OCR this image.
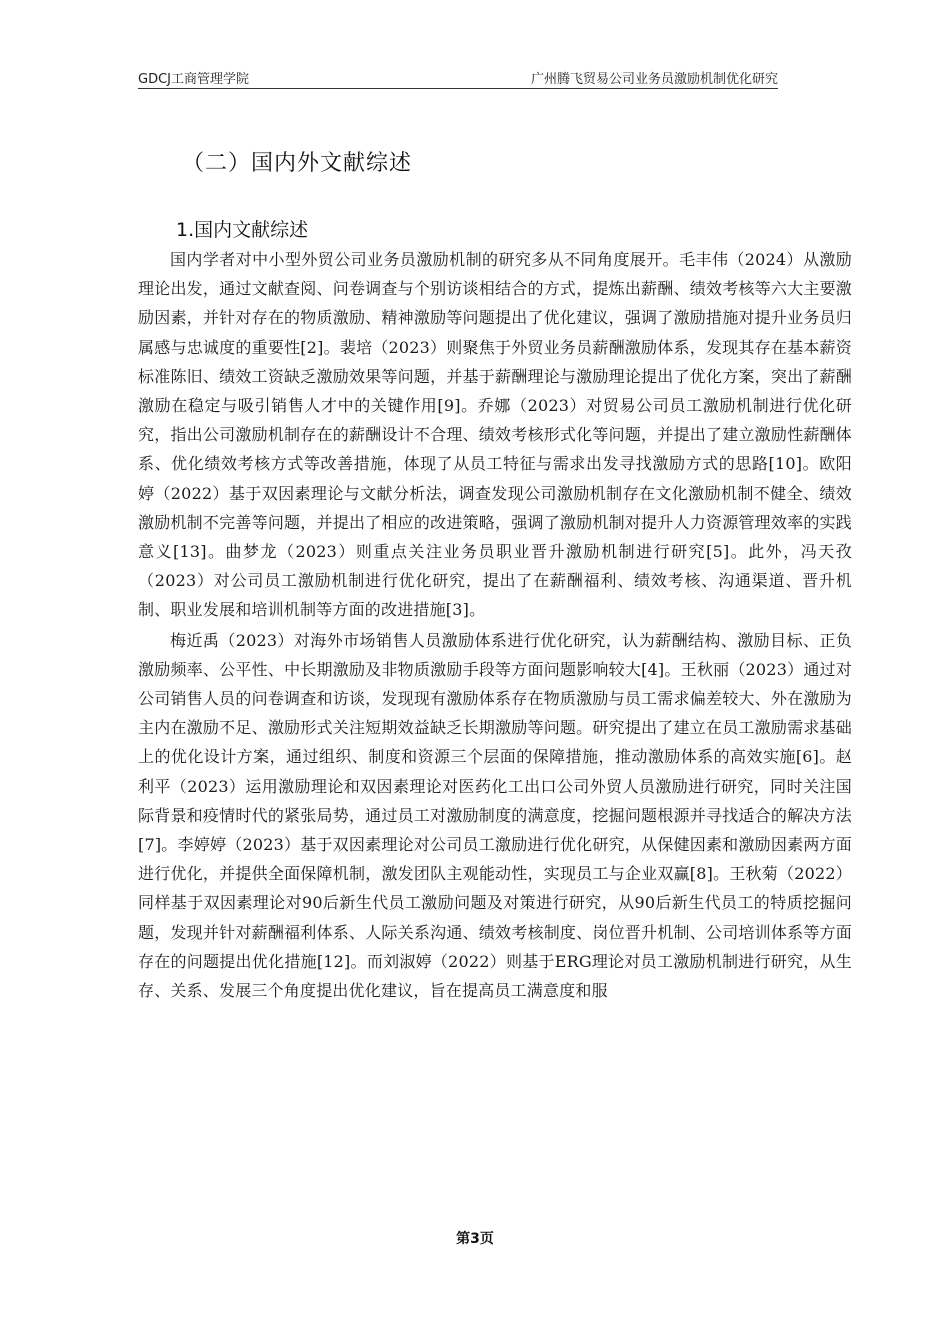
GDCJ工商管理学院	广州腾飞贸易公司业务员激励机制优化研究
（二）国内外文献综述
1.国内文献综述

国内学者对中小型外贸公司业务员激励机制的研究多从不同角度展开。毛丰伟（2024）从激励理论出发，通过文献查阅、问卷调查与个别访谈相结合的方式，提炼出薪酬、绩效考核等六大主要激励因素，并针对存在的物质激励、精神激励等问题提出了优化建议，强调了激励措施对提升业务员归属感与忠诚度的重要性[2]。裴培（2023）则聚焦于外贸业务员薪酬激励体系，发现其存在基本薪资标准陈旧、绩效工资缺乏激励效果等问题，并基于薪酬理论与激励理论提出了优化方案，突出了薪酬激励在稳定与吸引销售人才中的关键作用[9]。乔娜（2023）对贸易公司员工激励机制进行优化研究，指出公司激励机制存在的薪酬设计不合理、绩效考核形式化等问题，并提出了建立激励性薪酬体系、优化绩效考核方式等改善措施，体现了从员工特征与需求出发寻找激励方式的思路[10]。欧阳婷（2022）基于双因素理论与文献分析法，调查发现公司激励机制存在文化激励机制不健全、绩效激励机制不完善等问题，并提出了相应的改进策略，强调了激励机制对提升人力资源管理效率的实践意义[13]。曲梦龙（2023）则重点关注业务员职业晋升激励机制进行研究[5]。此外，冯天孜（2023）对公司员工激励机制进行优化研究，提出了在薪酬福利、绩效考核、沟通渠道、晋升机制、职业发展和培训机制等方面的改进措施[3]。

梅近禹（2023）对海外市场销售人员激励体系进行优化研究，认为薪酬结构、激励目标、正负激励频率、公平性、中长期激励及非物质激励手段等方面问题影响较大[4]。王秋丽（2023）通过对公司销售人员的问卷调查和访谈，发现现有激励体系存在物质激励与员工需求偏差较大、外在激励为主内在激励不足、激励形式关注短期效益缺乏长期激励等问题。研究提出了建立在员工激励需求基础上的优化设计方案，通过组织、制度和资源三个层面的保障措施，推动激励体系的高效实施[6]。赵利平（2023）运用激励理论和双因素理论对医药化工出口公司外贸人员激励进行研究，同时关注国际背景和疫情时代的紧张局势，通过员工对激励制度的满意度，挖掘问题根源并寻找适合的解决方法[7]。李婷婷（2023）基于双因素理论对公司员工激励进行优化研究，从保健因素和激励因素两方面进行优化，并提供全面保障机制，激发团队主观能动性，实现员工与企业双赢[8]。王秋菊（2022）同样基于双因素理论对90后新生代员工激励问题及对策进行研究，从90后新生代员工的特质挖掘问题，发现并针对薪酬福利体系、人际关系沟通、绩效考核制度、岗位晋升机制、公司培训体系等方面存在的问题提出优化措施[12]。而刘淑婷（2022）则基于ERG理论对员工激励机制进行研究，从生存、关系、发展三个角度提出优化建议，旨在提高员工满意度和服

第3页
